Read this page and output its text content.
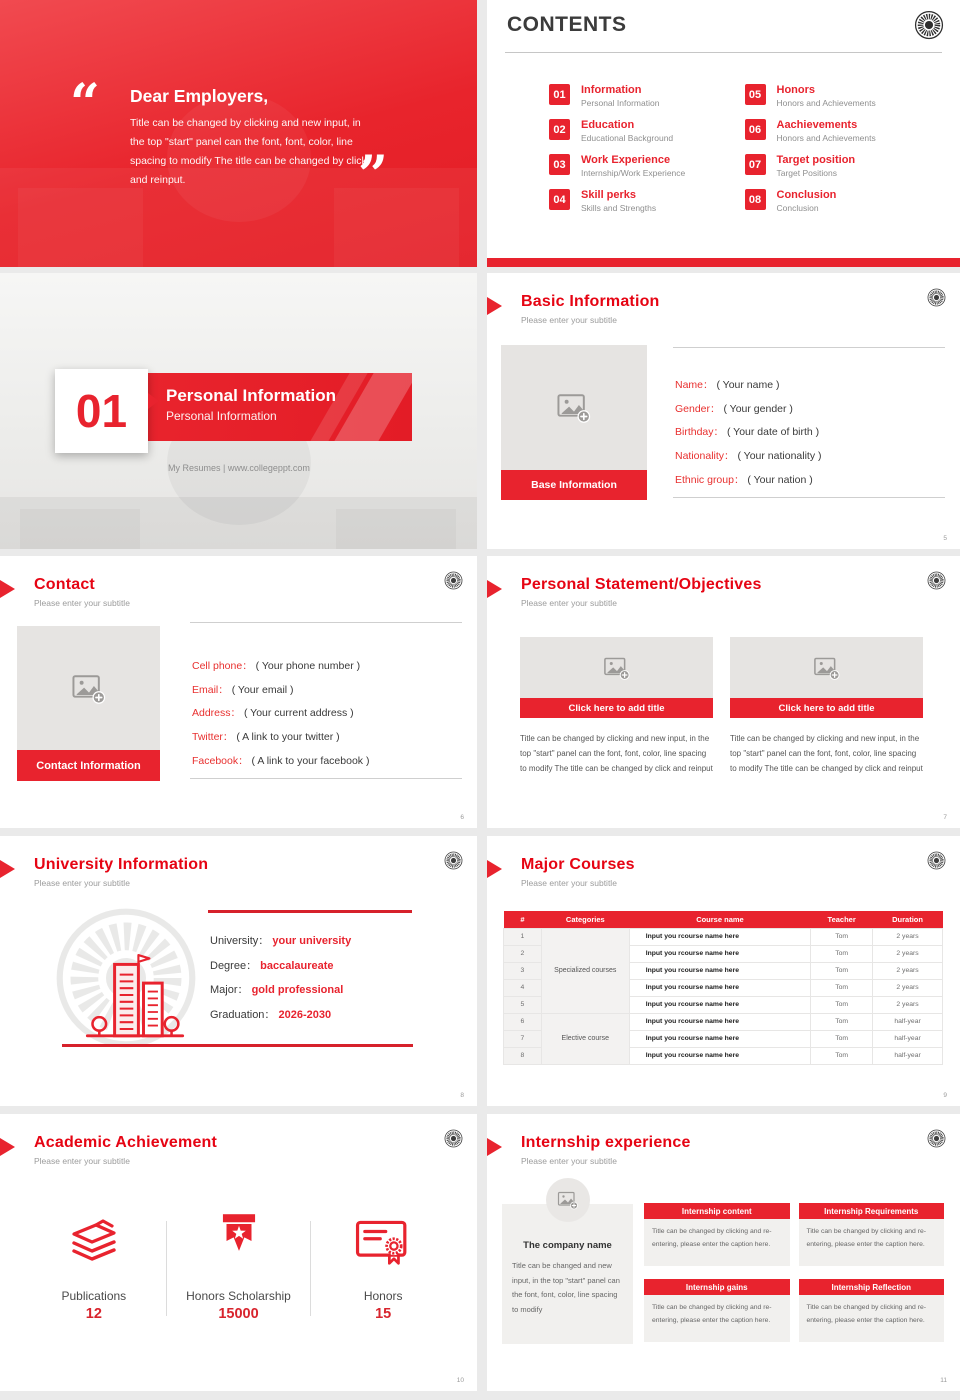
“ Dear Employers,
Title can be changed by clicking and new input, in the top "start" panel can the font, font, color, line spacing to modify The title can be changed by click and reinput.	”
CONTENTS
01	Information
Personal Information
02	Education
Educational Background
03	Work Experience
Internship/Work Experience
04	Skill perks
Skills and Strengths
05	Honors
Honors and Achievements
06	Aachievements
Honors and Achievements
07	Target position
Target Positions
08	Conclusion
Conclusion
Personal Information
Personal Information
01
My Resumes | www.collegeppt.com
Basic Information
Please enter your subtitle
Base Information
Name： ( Your name )
Gender： ( Your gender )
Birthday： ( Your date of birth )
Nationality： ( Your nationality )
Ethnic group： ( Your nation )
5
Contact
Please enter your subtitle
Contact Information
Cell phone： ( Your phone number )
Email： ( Your email )
Address： ( Your current address )
Twitter： ( A link to your twitter )
Facebook： ( A link to your facebook )
6
Personal Statement/Objectives
Please enter your subtitle
Click here to add title
Title can be changed by clicking and new input, in the top "start" panel can the font, font, color, line spacing to modify The title can be changed by click and reinput
Click here to add title
Title can be changed by clicking and new input, in the top "start" panel can the font, font, color, line spacing to modify The title can be changed by click and reinput
7
University Information
Please enter your subtitle
University： your university
Degree： baccalaureate
Major： gold professional
Graduation： 2026-2030
8
Major Courses
Please enter your subtitle
#	Categories	Course name	Teacher	Duration
1	Specialized courses	Input you rcourse name here	Tom	2 years
2		Input you rcourse name here	Tom	2 years
3		Input you rcourse name here	Tom	2 years
4		Input you rcourse name here	Tom	2 years
5		Input you rcourse name here	Tom	2 years
6	Elective course	Input you rcourse name here	Tom	half-year
7		Input you rcourse name here	Tom	half-year
8		Input you rcourse name here	Tom	half-year
9
Academic Achievement
Please enter your subtitle
Publications
12
Honors Scholarship
15000
Honors
15
10
Internship experience
Please enter your subtitle
The company name
Title can be changed and new input, in the top "start" panel can the font, font, color, line spacing to modify
Internship content
Title can be changed by clicking and re-entering, please enter the caption here.
Internship Requirements
Title can be changed by clicking and re-entering, please enter the caption here.
Internship gains
Title can be changed by clicking and re-entering, please enter the caption here.
Internship Reflection
Title can be changed by clicking and re-entering, please enter the caption here.
11
